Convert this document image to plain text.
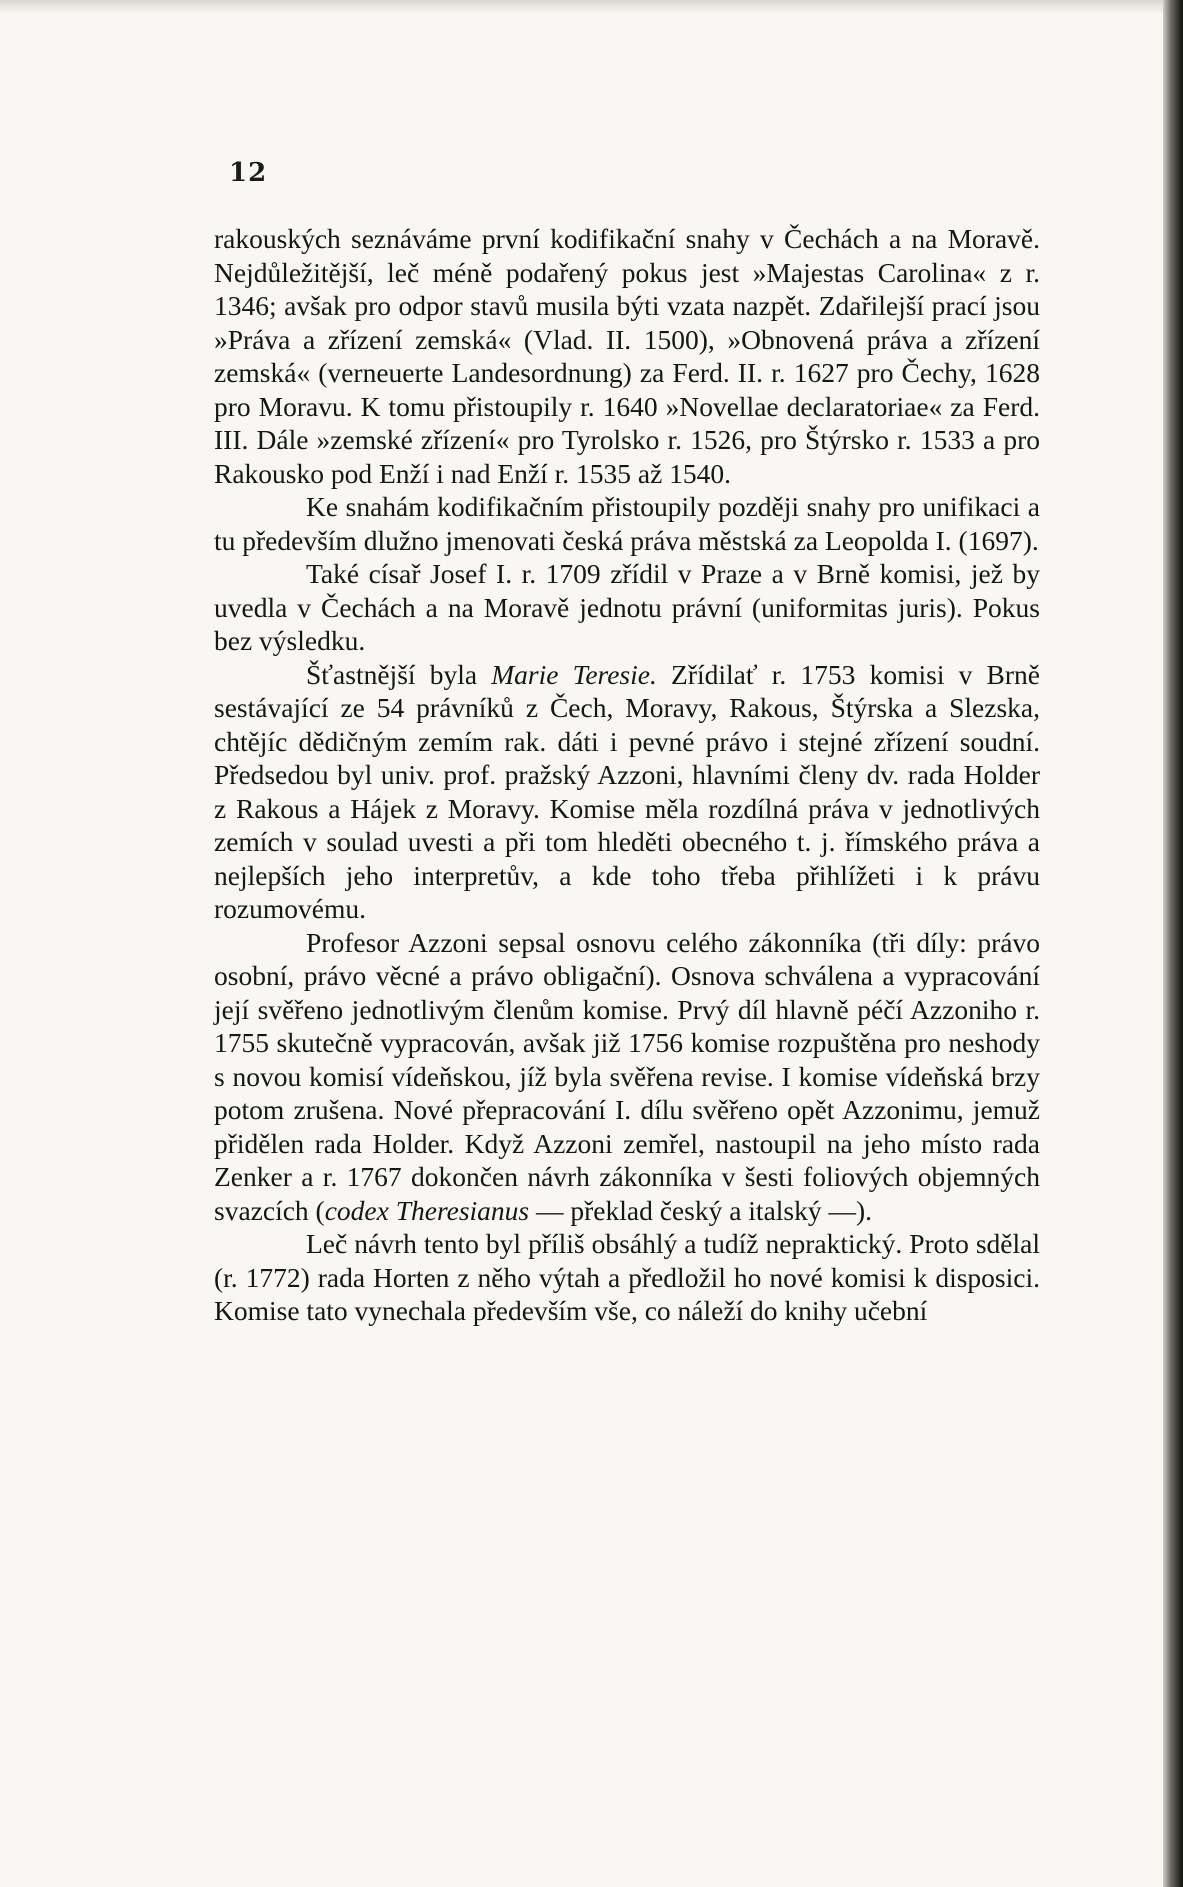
12

rakouských seznáváme první kodifikační snahy v Čechách a na Moravě. Nejdůležitější, leč méně podařený pokus jest »Majestas Carolina« z r. 1346; avšak pro odpor stavů musila býti vzata nazpět. Zdařilejší prací jsou »Práva a zřízení zemská« (Vlad. II. 1500), »Obnovená práva a zřízení zemská« (verneuerte Landesordnung) za Ferd. II. r. 1627 pro Čechy, 1628 pro Moravu. K tomu přistoupily r. 1640 »Novellae declaratoriae« za Ferd. III. Dále »zemské zřízení« pro Tyrolsko r. 1526, pro Štýrsko r. 1533 a pro Rakousko pod Enží i nad Enží r. 1535 až 1540.

Ke snahám kodifikačním přistoupily později snahy pro unifikaci a tu především dlužno jmenovati česká práva městská za Leopolda I. (1697).

Také císař Josef I. r. 1709 zřídil v Praze a v Brně komisi, jež by uvedla v Čechách a na Moravě jednotu právní (uniformitas juris). Pokus bez výsledku.

Šťastnější byla Marie Teresie. Zřídilať r. 1753 komisi v Brně sestávající ze 54 právníků z Čech, Moravy, Rakous, Štýrska a Slezska, chtějíc dědičným zemím rak. dáti i pevné právo i stejné zřízení soudní. Předsedou byl univ. prof. pražský Azzoni, hlavními členy dv. rada Holder z Rakous a Hájek z Moravy. Komise měla rozdílná práva v jednotlivých zemích v soulad uvesti a při tom hleděti obecného t. j. římského práva a nejlepších jeho interpretův, a kde toho třeba přihlížeti i k právu rozumovému.

Profesor Azzoni sepsal osnovu celého zákonníka (tři díly: právo osobní, právo věcné a právo obligační). Osnova schválena a vypracování její svěřeno jednotlivým členům komise. Prvý díl hlavně péčí Azzoniho r. 1755 skutečně vypracován, avšak již 1756 komise rozpuštěna pro neshody s novou komisí vídeňskou, jíž byla svěřena revise. I komise vídeňská brzy potom zrušena. Nové přepracování I. dílu svěřeno opět Azzonimu, jemuž přidělen rada Holder. Když Azzoni zemřel, nastoupil na jeho místo rada Zenker a r. 1767 dokončen návrh zákonníka v šesti foliových objemných svazcích (codex Theresianus — překlad český a italský —).

Leč návrh tento byl příliš obsáhlý a tudíž nepraktický. Proto sdělal (r. 1772) rada Horten z něho výtah a předložil ho nové komisi k disposici. Komise tato vynechala především vše, co náleží do knihy učební
